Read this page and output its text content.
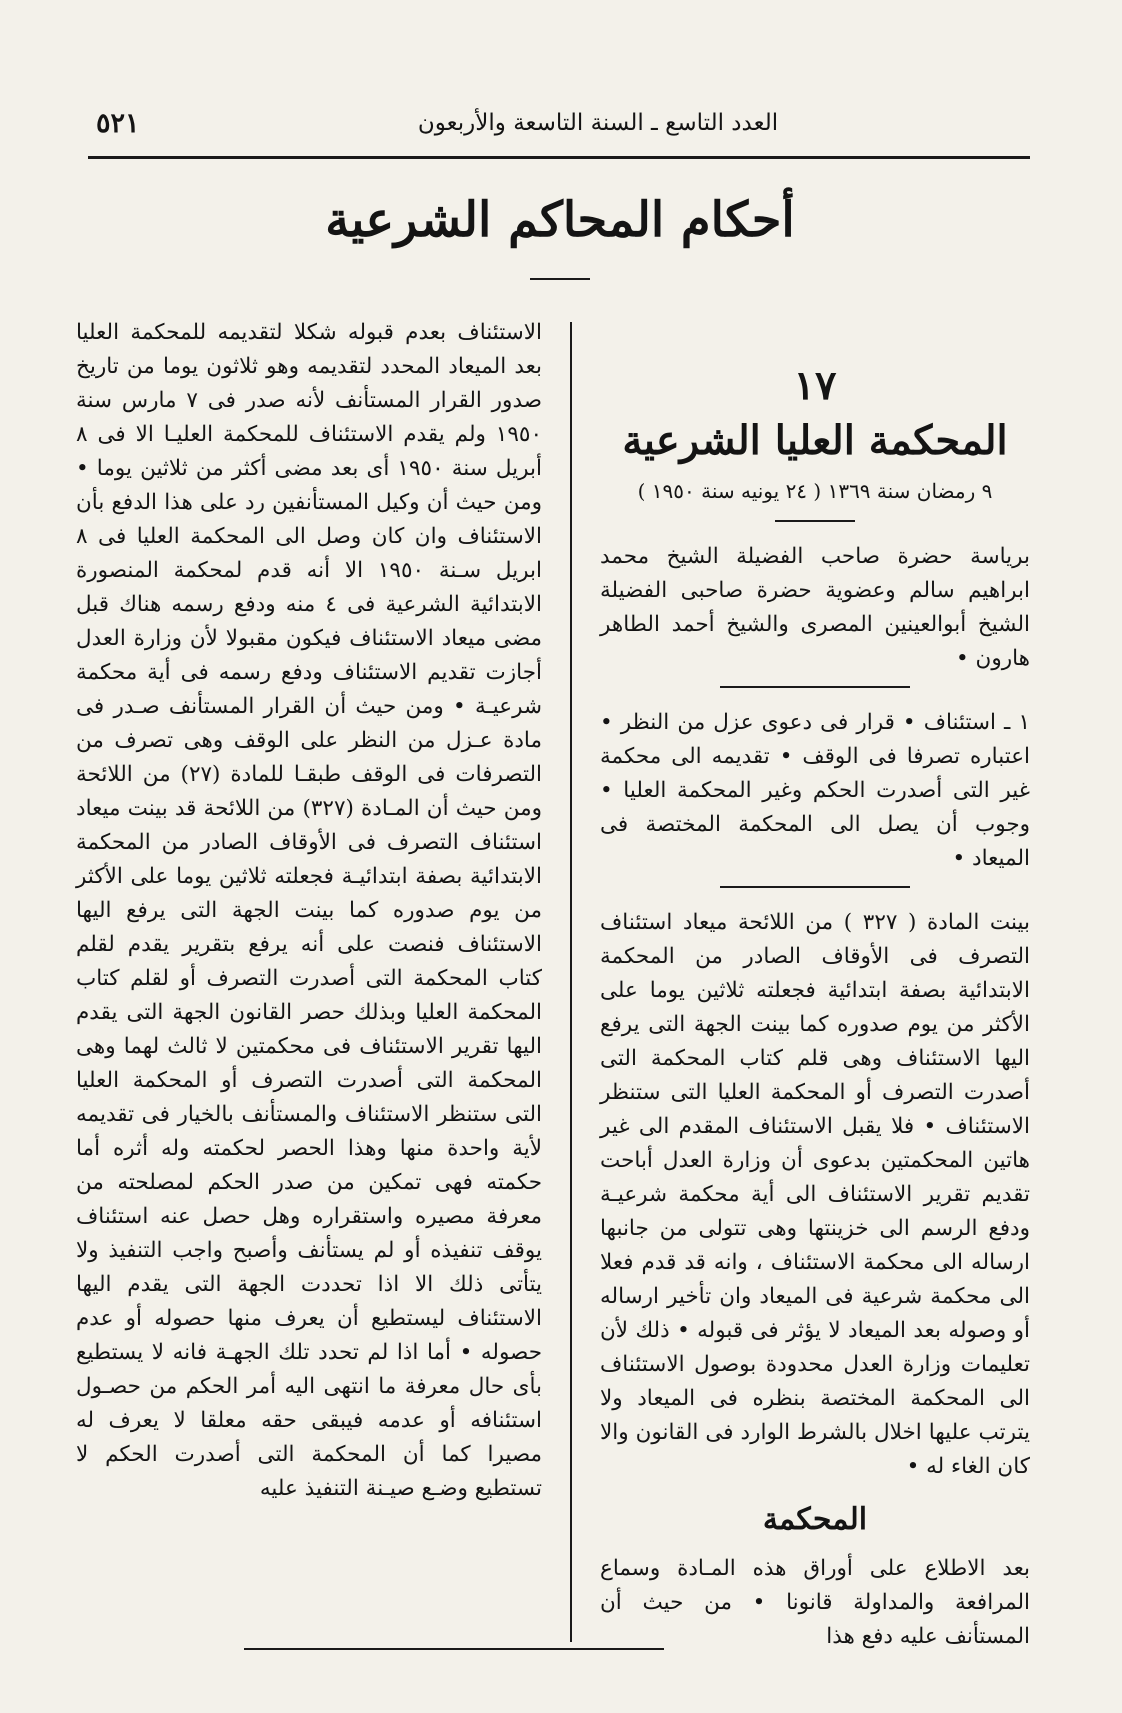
٥٢١	العدد التاسع ـ السنة التاسعة والأربعون
أحكام المحاكم الشرعية

١٧

المحكمة العليا الشرعية

٩ رمضان سنة ١٣٦٩ ( ٢٤ يونيه سنة ١٩٥٠ )

برياسة حضرة صاحب الفضيلة الشيخ محمد ابراهيم سالم وعضوية حضرة صاحبى الفضيلة الشيخ أبوالعينين المصرى والشيخ أحمد الطاهر هارون •

١ ـ استئناف • قرار فى دعوى عزل من النظر • اعتباره تصرفا فى الوقف • تقديمه الى محكمة غير التى أصدرت الحكم وغير المحكمة العليا • وجوب أن يصل الى المحكمة المختصة فى الميعاد •

بينت المادة ( ٣٢٧ ) من اللائحة ميعاد استئناف التصرف فى الأوقاف الصادر من المحكمة الابتدائية بصفة ابتدائية فجعلته ثلاثين يوما على الأكثر من يوم صدوره كما بينت الجهة التى يرفع اليها الاستئناف وهى قلم كتاب المحكمة التى أصدرت التصرف أو المحكمة العليا التى ستنظر الاستئناف • فلا يقبل الاستئناف المقدم الى غير هاتين المحكمتين بدعوى أن وزارة العدل أباحت تقديم تقرير الاستئناف الى أية محكمة شرعيـة ودفع الرسم الى خزينتها وهى تتولى من جانبها ارساله الى محكمة الاستئناف ، وانه قد قدم فعلا الى محكمة شرعية فى الميعاد وان تأخير ارساله أو وصوله بعد الميعاد لا يؤثر فى قبوله • ذلك لأن تعليمات وزارة العدل محدودة بوصول الاستئناف الى المحكمة المختصة بنظره فى الميعاد ولا يترتب عليها اخلال بالشرط الوارد فى القانون والا كان الغاء له •

المحكمة

بعد الاطلاع على أوراق هذه المـادة وسماع المرافعة والمداولة قانونا • من حيث أن المستأنف عليه دفع هذا

الاستئناف بعدم قبوله شكلا لتقديمه للمحكمة العليا بعد الميعاد المحدد لتقديمه وهو ثلاثون يوما من تاريخ صدور القرار المستأنف لأنه صدر فى ٧ مارس سنة ١٩٥٠ ولم يقدم الاستئناف للمحكمة العليـا الا فى ٨ أبريل سنة ١٩٥٠ أى بعد مضى أكثر من ثلاثين يوما • ومن حيث أن وكيل المستأنفين رد على هذا الدفع بأن الاستئناف وان كان وصل الى المحكمة العليا فى ٨ ابريل سـنة ١٩٥٠ الا أنه قدم لمحكمة المنصورة الابتدائية الشرعية فى ٤ منه ودفع رسمه هناك قبل مضى ميعاد الاستئناف فيكون مقبولا لأن وزارة العدل أجازت تقديم الاستئناف ودفع رسمه فى أية محكمة شرعيـة • ومن حيث أن القرار المستأنف صـدر فى مادة عـزل من النظر على الوقف وهى تصرف من التصرفات فى الوقف طبقـا للمادة (٢٧) من اللائحة ومن حيث أن المـادة (٣٢٧) من اللائحة قد بينت ميعاد استئناف التصرف فى الأوقاف الصادر من المحكمة الابتدائية بصفة ابتدائيـة فجعلته ثلاثين يوما على الأكثر من يوم صدوره كما بينت الجهة التى يرفع اليها الاستئناف فنصت على أنه يرفع بتقرير يقدم لقلم كتاب المحكمة التى أصدرت التصرف أو لقلم كتاب المحكمة العليا وبذلك حصر القانون الجهة التى يقدم اليها تقرير الاستئناف فى محكمتين لا ثالث لهما وهى المحكمة التى أصدرت التصرف أو المحكمة العليا التى ستنظر الاستئناف والمستأنف بالخيار فى تقديمه لأية واحدة منها وهذا الحصر لحكمته وله أثره أما حكمته فهى تمكين من صدر الحكم لمصلحته من معرفة مصيره واستقراره وهل حصل عنه استئناف يوقف تنفيذه أو لم يستأنف وأصبح واجب التنفيذ ولا يتأتى ذلك الا اذا تحددت الجهة التى يقدم اليها الاستئناف ليستطيع أن يعرف منها حصوله أو عدم حصوله • أما اذا لم تحدد تلك الجهـة فانه لا يستطيع بأى حال معرفة ما انتهى اليه أمر الحكم من حصـول استئنافه أو عدمه فيبقى حقه معلقا لا يعرف له مصيرا كما أن المحكمة التى أصدرت الحكم لا تستطيع وضـع صيـنة التنفيذ عليه
